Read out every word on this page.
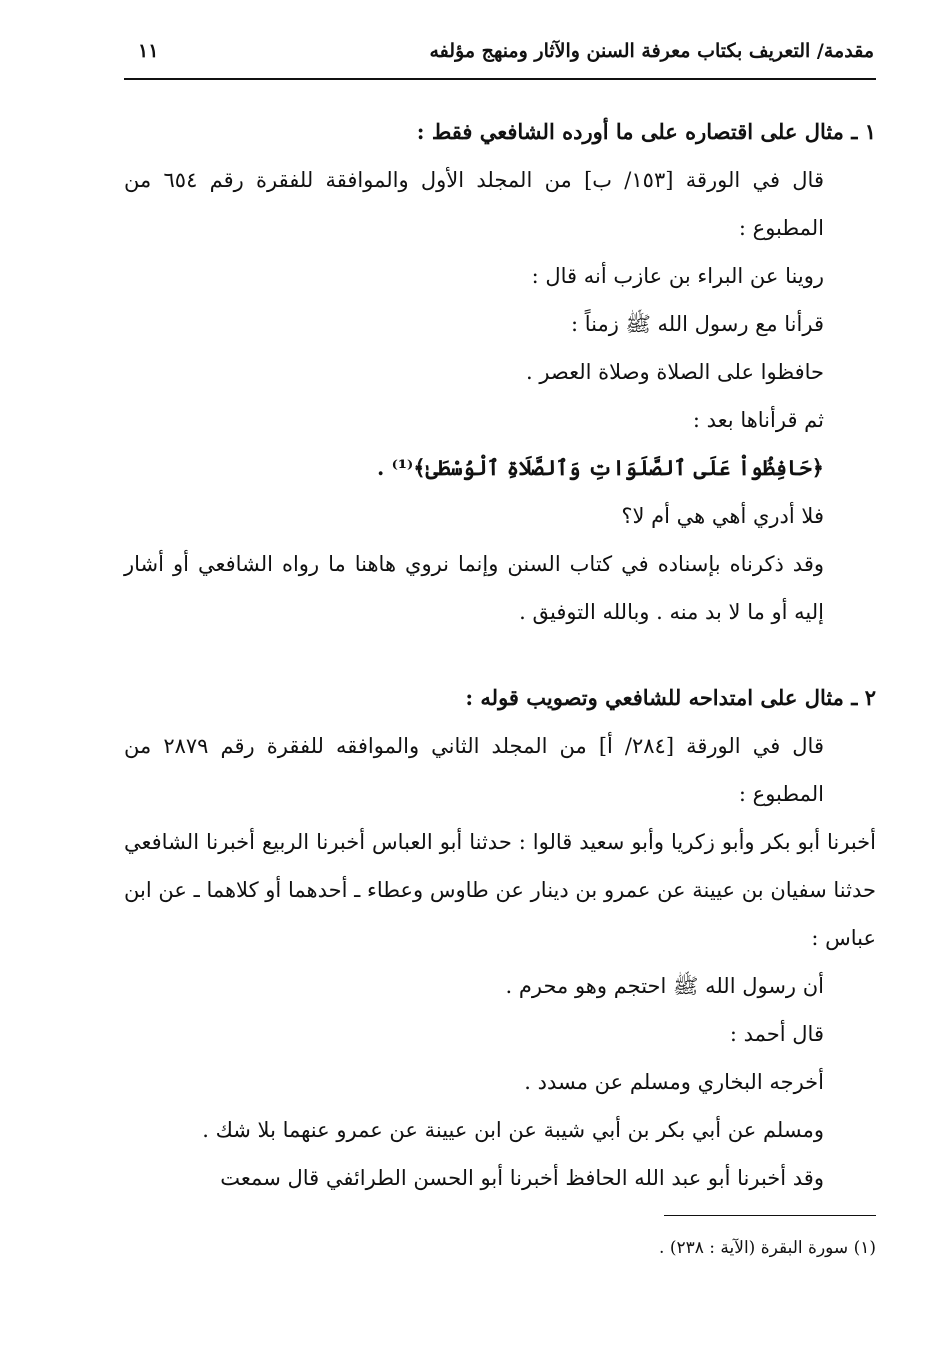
مقدمة/ التعريف بكتاب معرفة السنن والآثار ومنهج مؤلفه
١١

١ ـ مثال على اقتصاره على ما أورده الشافعي فقط :

قال في الورقة [١٥٣/ ب] من المجلد الأول والموافقة للفقرة رقم ٦٥٤ من المطبوع :

روينا عن البراء بن عازب أنه قال :

قرأنا مع رسول الله ﷺ زمناً :

حافظوا على الصلاة وصلاة العصر .

ثم قرأناها بعد :

﴿حَافِظُواْ عَلَى ٱلصَّلَوَاتِ وَٱلصَّلَاةِ ٱلْوُسْطَىٰ﴾⁽¹⁾ .

فلا أدري أهي هي أم لا؟

وقد ذكرناه بإسناده في كتاب السنن وإنما نروي هاهنا ما رواه الشافعي أو أشار إليه أو ما لا بد منه . وبالله التوفيق .

٢ ـ مثال على امتداحه للشافعي وتصويب قوله :

قال في الورقة [٢٨٤/ أ] من المجلد الثاني والموافقه للفقرة رقم ٢٨٧٩ من المطبوع :

أخبرنا أبو بكر وأبو زكريا وأبو سعيد قالوا : حدثنا أبو العباس أخبرنا الربيع أخبرنا الشافعي حدثنا سفيان بن عيينة عن عمرو بن دينار عن طاوس وعطاء ـ أحدهما أو كلاهما ـ عن ابن عباس :

أن رسول الله ﷺ احتجم وهو محرم .

قال أحمد :

أخرجه البخاري ومسلم عن مسدد .

ومسلم عن أبي بكر بن أبي شيبة عن ابن عيينة عن عمرو عنهما بلا شك .

وقد أخبرنا أبو عبد الله الحافظ أخبرنا أبو الحسن الطرائفي قال سمعت

(١) سورة البقرة (الآية : ٢٣٨) .
